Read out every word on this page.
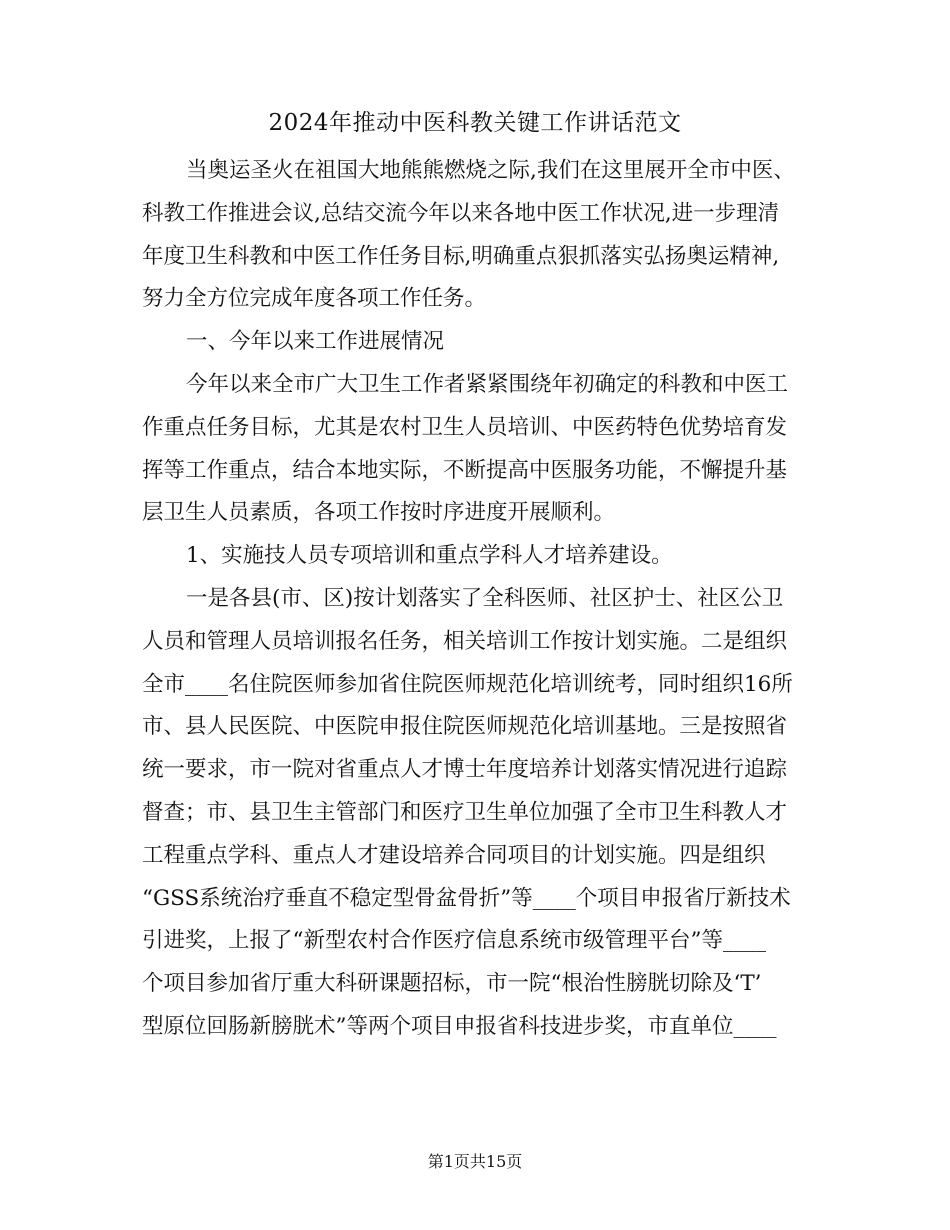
2024年推动中医科教关键工作讲话范文
当奥运圣火在祖国大地熊熊燃烧之际,我们在这里展开全市中医、
科教工作推进会议,总结交流今年以来各地中医工作状况,进一步理清
年度卫生科教和中医工作任务目标,明确重点狠抓落实弘扬奥运精神,
努力全方位完成年度各项工作任务。
一、今年以来工作进展情况
今年以来全市广大卫生工作者紧紧围绕年初确定的科教和中医工
作重点任务目标，尤其是农村卫生人员培训、中医药特色优势培育发
挥等工作重点，结合本地实际，不断提高中医服务功能，不懈提升基
层卫生人员素质，各项工作按时序进度开展顺利。
1、实施技人员专项培训和重点学科人才培养建设。
一是各县(市、区)按计划落实了全科医师、社区护士、社区公卫
人员和管理人员培训报名任务，相关培训工作按计划实施。二是组织
全市____名住院医师参加省住院医师规范化培训统考，同时组织16所
市、县人民医院、中医院申报住院医师规范化培训基地。三是按照省
统一要求，市一院对省重点人才博士年度培养计划落实情况进行追踪
督查；市、县卫生主管部门和医疗卫生单位加强了全市卫生科教人才
工程重点学科、重点人才建设培养合同项目的计划实施。四是组织
“GSS系统治疗垂直不稳定型骨盆骨折”等____个项目申报省厅新技术
引进奖，上报了“新型农村合作医疗信息系统市级管理平台”等____
个项目参加省厅重大科研课题招标，市一院“根治性膀胱切除及‘T’
型原位回肠新膀胱术”等两个项目申报省科技进步奖，市直单位____
第1页共15页
